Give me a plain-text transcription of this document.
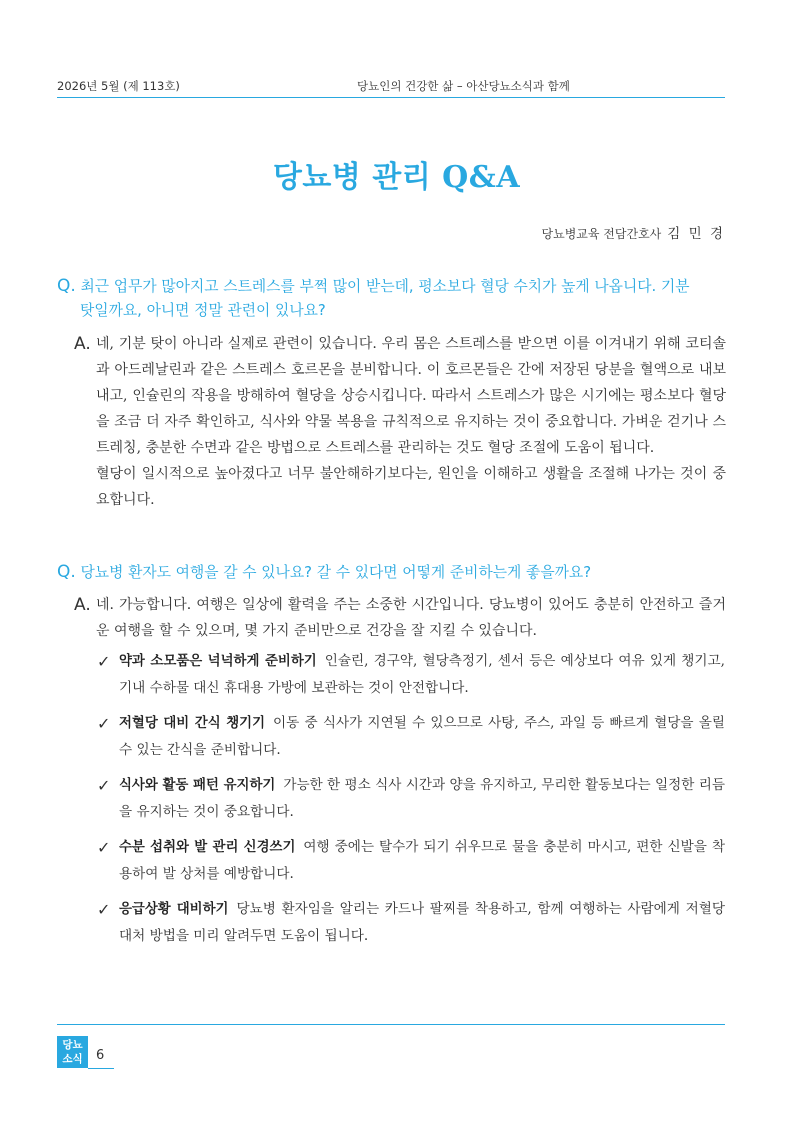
2026년 5월 (제 113호)	당뇨인의 건강한 삶 – 아산당뇨소식과 함께
당뇨병 관리 Q&A
당뇨병교육 전담간호사 김 민 경
Q. 최근 업무가 많아지고 스트레스를 부쩍 많이 받는데, 평소보다 혈당 수치가 높게 나옵니다. 기분
탓일까요, 아니면 정말 관련이 있나요?
A. 네, 기분 탓이 아니라 실제로 관련이 있습니다. 우리 몸은 스트레스를 받으면 이를 이겨내기 위해 코티솔과 아드레날린과 같은 스트레스 호르몬을 분비합니다. 이 호르몬들은 간에 저장된 당분을 혈액으로 내보내고, 인슐린의 작용을 방해하여 혈당을 상승시킵니다. 따라서 스트레스가 많은 시기에는 평소보다 혈당을 조금 더 자주 확인하고, 식사와 약물 복용을 규칙적으로 유지하는 것이 중요합니다. 가벼운 걷기나 스트레칭, 충분한 수면과 같은 방법으로 스트레스를 관리하는 것도 혈당 조절에 도움이 됩니다.
혈당이 일시적으로 높아졌다고 너무 불안해하기보다는, 원인을 이해하고 생활을 조절해 나가는 것이 중요합니다.
Q. 당뇨병 환자도 여행을 갈 수 있나요? 갈 수 있다면 어떻게 준비하는게 좋을까요?
A. 네. 가능합니다. 여행은 일상에 활력을 주는 소중한 시간입니다. 당뇨병이 있어도 충분히 안전하고 즐거운 여행을 할 수 있으며, 몇 가지 준비만으로 건강을 잘 지킬 수 있습니다.
✓ 약과 소모품은 넉넉하게 준비하기 인슐린, 경구약, 혈당측정기, 센서 등은 예상보다 여유 있게 챙기고, 기내 수하물 대신 휴대용 가방에 보관하는 것이 안전합니다.
✓ 저혈당 대비 간식 챙기기 이동 중 식사가 지연될 수 있으므로 사탕, 주스, 과일 등 빠르게 혈당을 올릴 수 있는 간식을 준비합니다.
✓ 식사와 활동 패턴 유지하기 가능한 한 평소 식사 시간과 양을 유지하고, 무리한 활동보다는 일정한 리듬을 유지하는 것이 중요합니다.
✓ 수분 섭취와 발 관리 신경쓰기 여행 중에는 탈수가 되기 쉬우므로 물을 충분히 마시고, 편한 신발을 착용하여 발 상처를 예방합니다.
✓ 응급상황 대비하기 당뇨병 환자임을 알리는 카드나 팔찌를 착용하고, 함께 여행하는 사람에게 저혈당 대처 방법을 미리 알려두면 도움이 됩니다.
당뇨
소식	6
